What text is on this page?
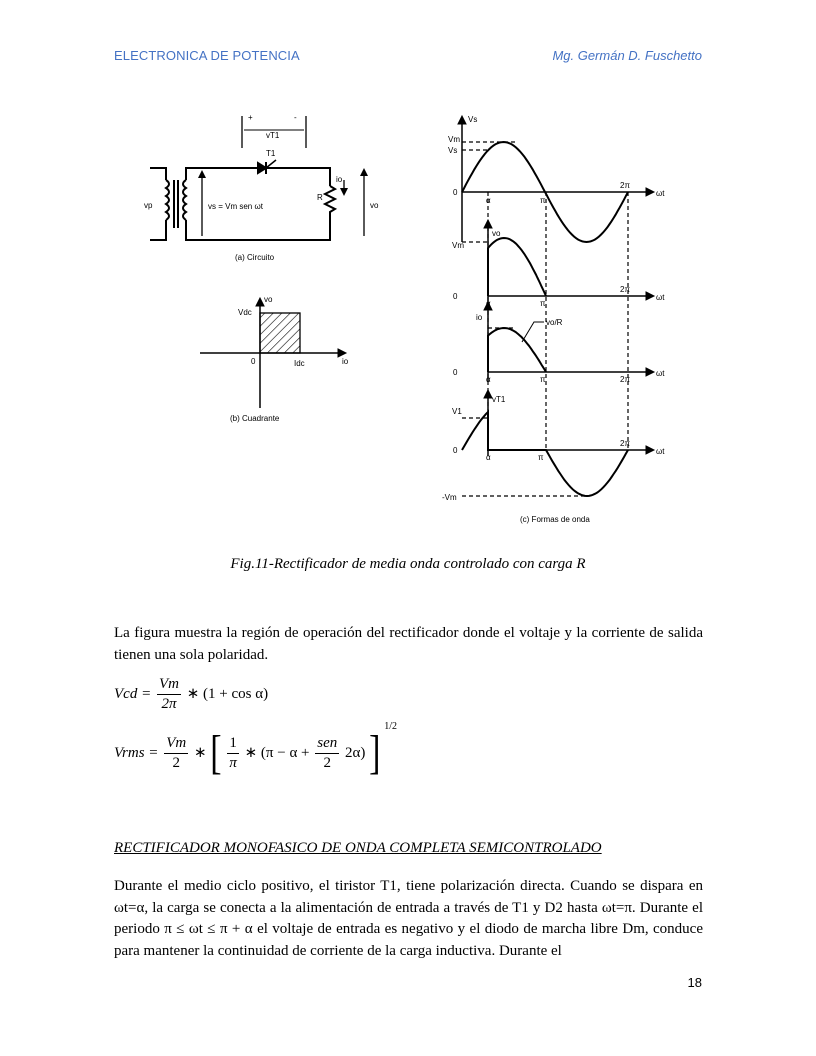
ELECTRONICA DE POTENCIA	Mg. Germán D. Fuschetto
+	-
vT1
T1
vp	vs = Vm sen ωt
R
io
vo
(a) Circuito
vo
Vdc
0	Idc	io
(b) Cuadrante
Vs
Vm
Vs
0
α	π
2π
ωt
vo
Vm
0
α	π
2π
ωt
io
vo/R
0
α	π	2π
ωt
vT1
V1
0
α	π
2π
ωt
-Vm
(c) Formas de onda
Fig.11-Rectificador de media onda controlado con carga R
La figura muestra la región de operación del rectificador donde el voltaje y la corriente de salida tienen una sola polaridad.
Vcd = $\frac{Vm}{2\pi}$ ∗ (1 + cos α)
Vrms = $\frac{Vm}{2}$ ∗ [ $\frac{1}{\pi}$ ∗ $(\pi - \alpha + \frac{\text{sen}}{2} 2\alpha)$ ] $^{1/2}$
RECTIFICADOR MONOFASICO DE ONDA COMPLETA SEMICONTROLADO
Durante el medio ciclo positivo, el tiristor T1, tiene polarización directa. Cuando se dispara en ωt=α, la carga se conecta a la alimentación de entrada a través de T1 y D2 hasta ωt=π. Durante el periodo π ≤ ωt ≤ π + α el voltaje de entrada es negativo y el diodo de marcha libre Dm, conduce para mantener la continuidad de corriente de la carga inductiva. Durante el
18
